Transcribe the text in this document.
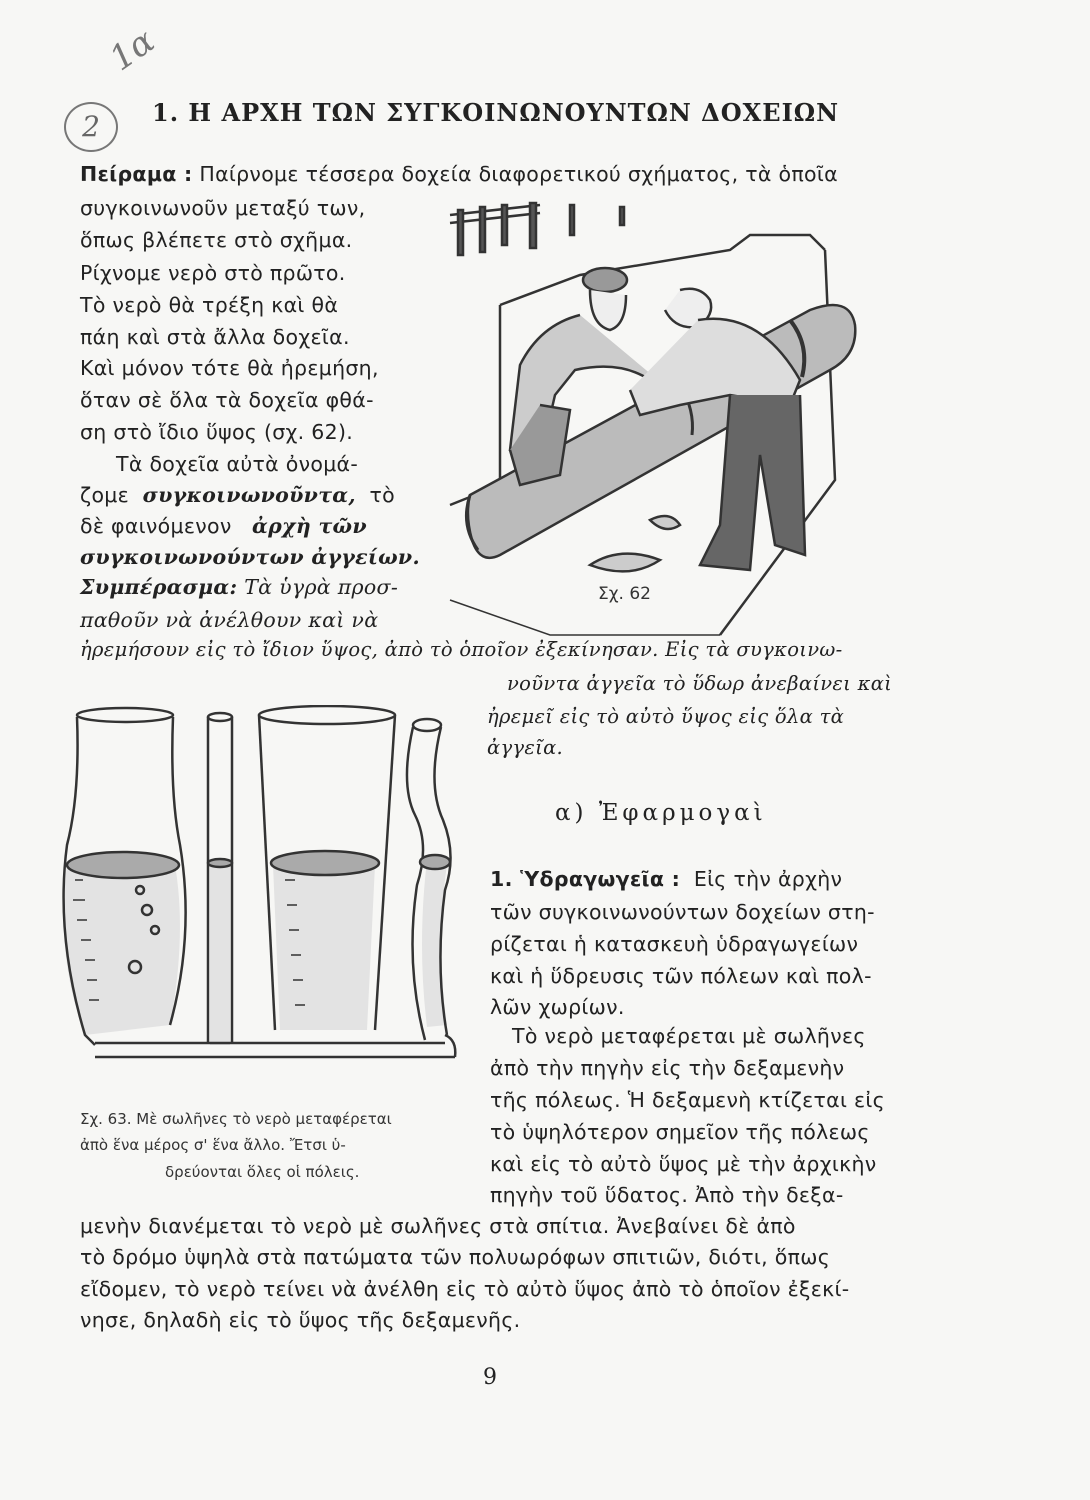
1α
2	1. Η ΑΡΧΗ ΤΩΝ ΣΥΓΚΟΙΝΩΝΟΥΝΤΩΝ ΔΟΧΕΙΩΝ
Πείραμα : Παίρνομε τέσσερα δοχεία διαφορετικού σχήματος, τὰ ὁποῖα
συγκοινωνοῦν μεταξύ των,
ὅπως βλέπετε στὸ σχῆμα.
Ρίχνομε νερὸ στὸ πρῶτο.
Τὸ νερὸ θὰ τρέξη καὶ θὰ
πάη καὶ στὰ ἄλλα δοχεῖα.
Καὶ μόνον τότε θὰ ἠρεμήση,
ὅταν σὲ ὅλα τὰ δοχεῖα φθά-
ση στὸ ἴδιο ὕψος (σχ. 62).
Τὰ δοχεῖα αὐτὰ ὀνομά-
ζομε συγκοινωνοῦντα, τὸ
δὲ φαινόμενον ἀρχὴ τῶν
συγκοινωνούντων ἀγγείων.
Συμπέρασμα: Τὰ ὑγρὰ προσ-
παθοῦν νὰ ἀνέλθουν καὶ νὰ
ἠρεμήσουν εἰς τὸ ἴδιον ὕψος, ἀπὸ τὸ ὁποῖον ἐξεκίνησαν. Εἰς τὰ συγκοινω-
νοῦντα ἀγγεῖα τὸ ὕδωρ ἀνεβαίνει καὶ
ἠρεμεῖ εἰς τὸ αὐτὸ ὕψος εἰς ὅλα τὰ
ἀγγεῖα.
Σχ. 62
Σχ. 63. Μὲ σωλῆνες τὸ νερὸ μεταφέρεται
ἀπὸ ἕνα μέρος σ' ἕνα ἄλλο. Ἔτσι ὑ-
δρεύονται ὅλες οἱ πόλεις.
α) Ἐφαρμογαὶ
1. Ὑδραγωγεῖα : Εἰς τὴν ἀρχὴν
τῶν συγκοινωνούντων δοχείων στη-
ρίζεται ἡ κατασκευὴ ὑδραγωγείων
καὶ ἡ ὕδρευσις τῶν πόλεων καὶ πολ-
λῶν χωρίων.
Τὸ νερὸ μεταφέρεται μὲ σωλῆνες
ἀπὸ τὴν πηγὴν εἰς τὴν δεξαμενὴν
τῆς πόλεως. Ἡ δεξαμενὴ κτίζεται εἰς
τὸ ὑψηλότερον σημεῖον τῆς πόλεως
καὶ εἰς τὸ αὐτὸ ὕψος μὲ τὴν ἀρχικὴν
πηγὴν τοῦ ὕδατος. Ἀπὸ τὴν δεξα-
μενὴν διανέμεται τὸ νερὸ μὲ σωλῆνες στὰ σπίτια. Ἀνεβαίνει δὲ ἀπὸ
τὸ δρόμο ὑψηλὰ στὰ πατώματα τῶν πολυωρόφων σπιτιῶν, διότι, ὅπως
εἴδομεν, τὸ νερὸ τείνει νὰ ἀνέλθη εἰς τὸ αὐτὸ ὕψος ἀπὸ τὸ ὁποῖον ἐξεκί-
νησε, δηλαδὴ εἰς τὸ ὕψος τῆς δεξαμενῆς.
9
